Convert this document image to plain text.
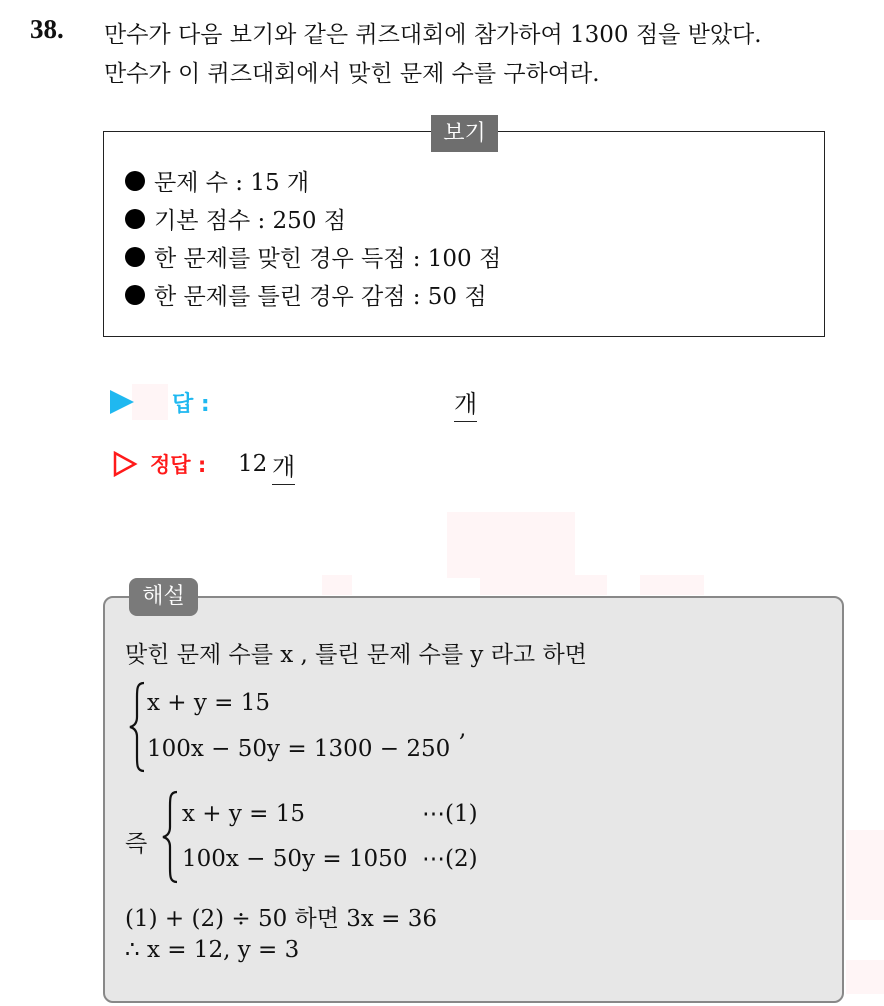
38. 만수가 다음 보기와 같은 퀴즈대회에 참가하여 1300 점을 받았다.
만수가 이 퀴즈대회에서 맞힌 문제 수를 구하여라.
보기
문제 수 : 15 개
기본 점수 : 250 점
한 문제를 맞힌 경우 득점 : 100 점
한 문제를 틀린 경우 감점 : 50 점
답 :	개
정답 : 12 개
해설
맞힌 문제 수를 x , 틀린 문제 수를 y 라고 하면
x + y = 15
100x − 50y = 1300 − 250
,
즉
x + y = 15
100x − 50y = 1050
⋯(1)
⋯(2)
(1) + (2) ÷ 50 하면 3x = 36
∴ x = 12, y = 3
